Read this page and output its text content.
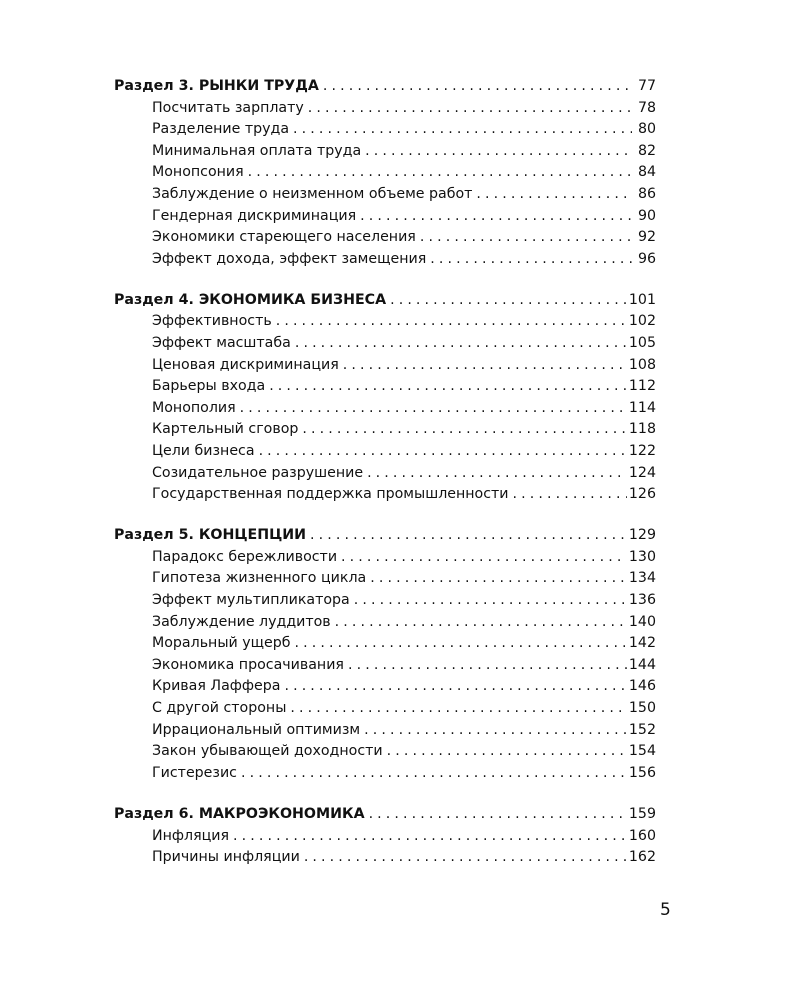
Раздел 3. РЫНКИ ТРУДА . . .	77
Посчитать зарплату . . .	78
Разделение труда . . .	80
Минимальная оплата труда . . .	82
Монопсония . . .	84
Заблуждение о неизменном объеме работ . . .	86
Гендерная дискриминация . . .	90
Экономики стареющего населения . . .	92
Эффект дохода, эффект замещения . . .	96
Раздел 4. ЭКОНОМИКА БИЗНЕСА . . .	101
Эффективность . . .	102
Эффект масштаба . . .	105
Ценовая дискриминация . . .	108
Барьеры входа . . .	112
Монополия . . .	114
Картельный сговор . . .	118
Цели бизнеса . . .	122
Созидательное разрушение . . .	124
Государственная поддержка промышленности . . .	126
Раздел 5. КОНЦЕПЦИИ . . .	129
Парадокс бережливости . . .	130
Гипотеза жизненного цикла . . .	134
Эффект мультипликатора . . .	136
Заблуждение луддитов . . .	140
Моральный ущерб . . .	142
Экономика просачивания . . .	144
Кривая Лаффера . . .	146
С другой стороны . . .	150
Иррациональный оптимизм . . .	152
Закон убывающей доходности . . .	154
Гистерезис . . .	156
Раздел 6. МАКРОЭКОНОМИКА . . .	159
Инфляция . . .	160
Причины инфляции . . .	162
5
